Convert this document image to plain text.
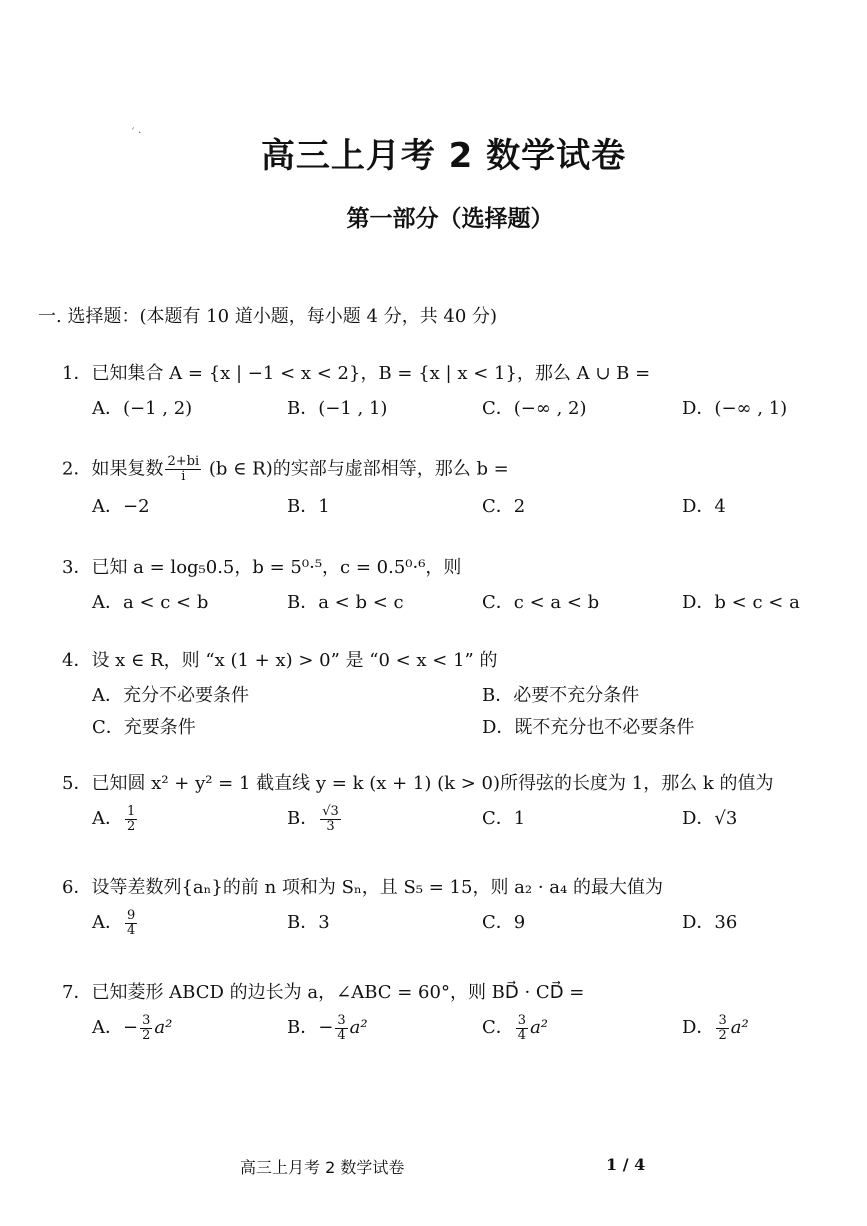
ˊ ·
高三上月考 2 数学试卷
第一部分（选择题）
一. 选择题：(本题有 10 道小题，每小题 4 分，共 40 分)
1．已知集合 A = {x | −1 < x < 2}，B = {x | x < 1}，那么 A ∪ B =
A．(−1 , 2)	B．(−1 , 1)	C．(−∞ , 2)	D．(−∞ , 1)
2．如果复数 $\frac{2+bi}{i} (b$ ∈ R)的实部与虚部相等，那么 b =
A．−2	B．1	C．2	D．4
3．已知 a = log₅0.5，b = 5⁰·⁵，c = 0.5⁰·⁶，则
A．a < c < b	B．a < b < c	C．c < a < b	D．b < c < a
4．设 x ∈ R，则 “x (1 + x) > 0” 是 “0 < x < 1” 的
A．充分不必要条件	B．必要不充分条件
C．充要条件	D．既不充分也不必要条件
5．已知圆 x² + y² = 1 截直线 y = k (x + 1) (k > 0)所得弦的长度为 1，那么 k 的值为
A． $\frac{1}{2}$	B． $\frac{√3}{3}$	C．1	D．√3
6．设等差数列{aₙ}的前 n 项和为 Sₙ，且 S₅ = 15，则 a₂ · a₄ 的最大值为
A． $\frac{9}{4}$	B．3	C．9	D．36
7．已知菱形 ABCD 的边长为 a，∠ABC = 60°，则 BD⃗ · CD⃗ =
A．− $\frac{3}{2} a^2$	B．− $\frac{3}{4} a^2$	C． $\frac{3}{4} a^2$	D． $\frac{3}{2} a^2$
高三上月考 2 数学试卷	1 / 4
